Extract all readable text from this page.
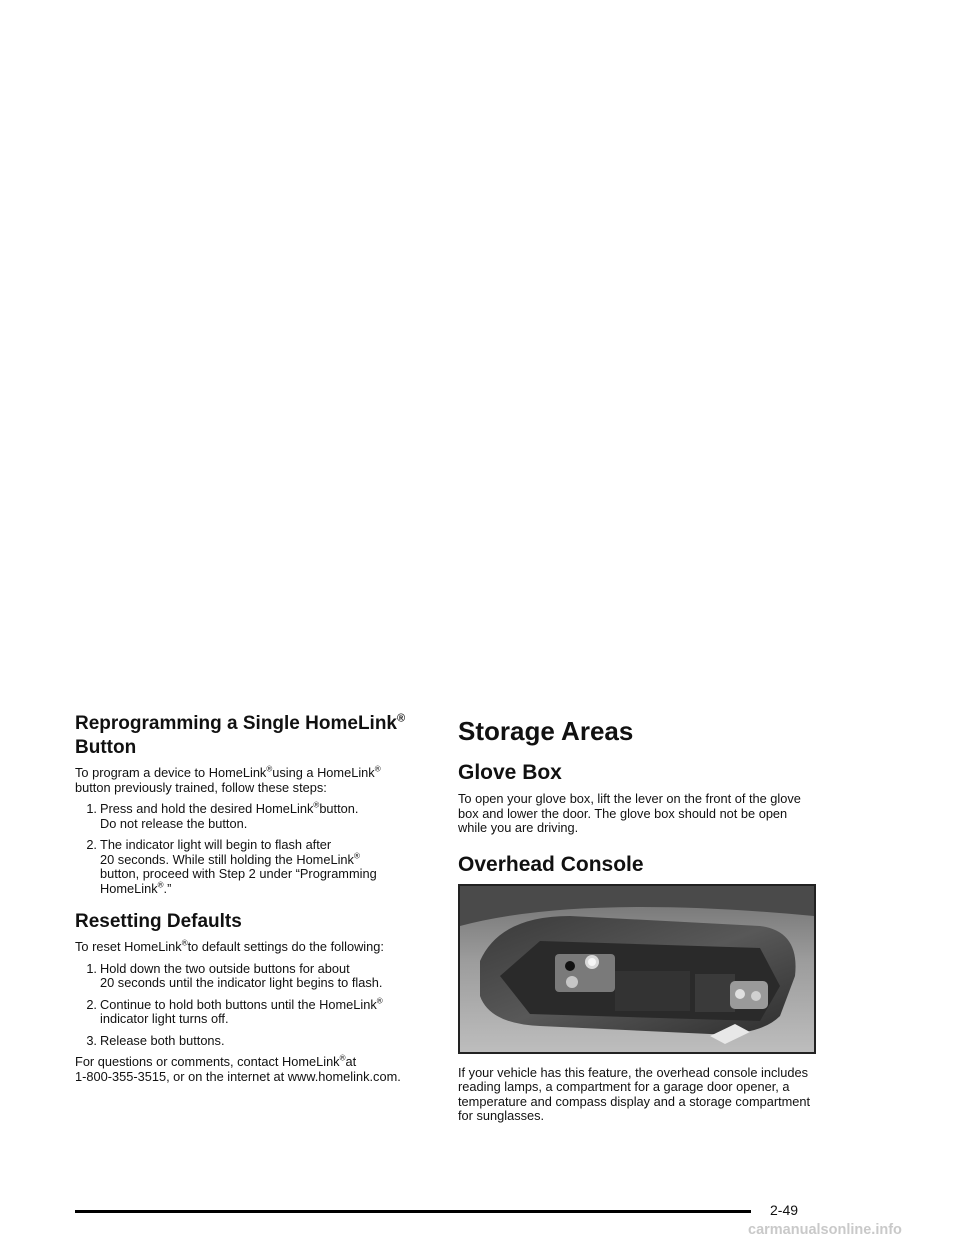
Reprogramming a Single HomeLink®
Button

To program a device to HomeLink®using a HomeLink®
button previously trained, follow these steps:

1. Press and hold the desired HomeLink®button.
Do not release the button.
2. The indicator light will begin to flash after
20 seconds. While still holding the HomeLink®
button, proceed with Step 2 under “Programming
HomeLink®.”
Resetting Defaults

To reset HomeLink®to default settings do the following:

1. Hold down the two outside buttons for about
20 seconds until the indicator light begins to flash.
2. Continue to hold both buttons until the HomeLink®
indicator light turns off.
3. Release both buttons.

For questions or comments, contact HomeLink®at
1-800-355-3515, or on the internet at www.homelink.com.

Storage Areas
Glove Box

To open your glove box, lift the lever on the front of the glove box and lower the door. The glove box should not be open while you are driving.

Overhead Console

If your vehicle has this feature, the overhead console includes reading lamps, a compartment for a garage door opener, a temperature and compass display and a storage compartment for sunglasses.

2-49
carmanualsonline.info
